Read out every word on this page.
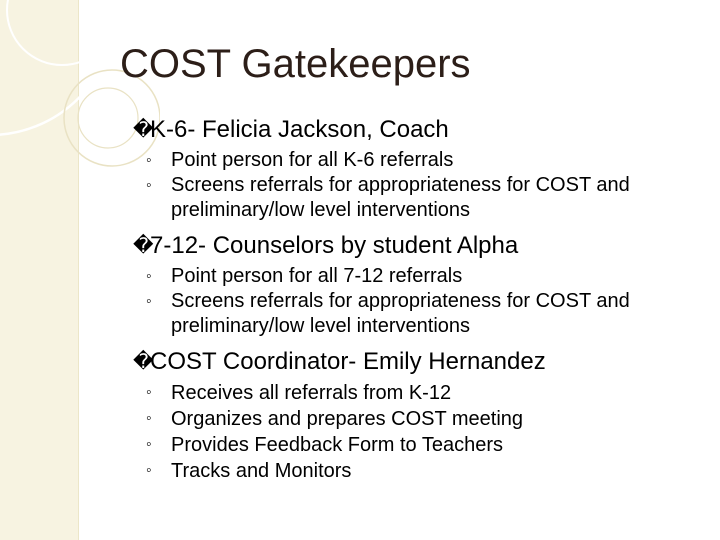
COST Gatekeepers

�
K-6- Felicia Jackson, Coach

◦ Point person for all K-6 referrals

◦ Screens referrals for appropriateness for COST and preliminary/low level interventions

�
7-12- Counselors by student Alpha

◦ Point person for all 7-12 referrals

◦ Screens referrals for appropriateness for COST and preliminary/low level interventions

�
COST Coordinator- Emily Hernandez

◦ Receives all referrals from K-12

◦ Organizes and prepares COST meeting

◦ Provides Feedback Form to Teachers

◦ Tracks and Monitors
